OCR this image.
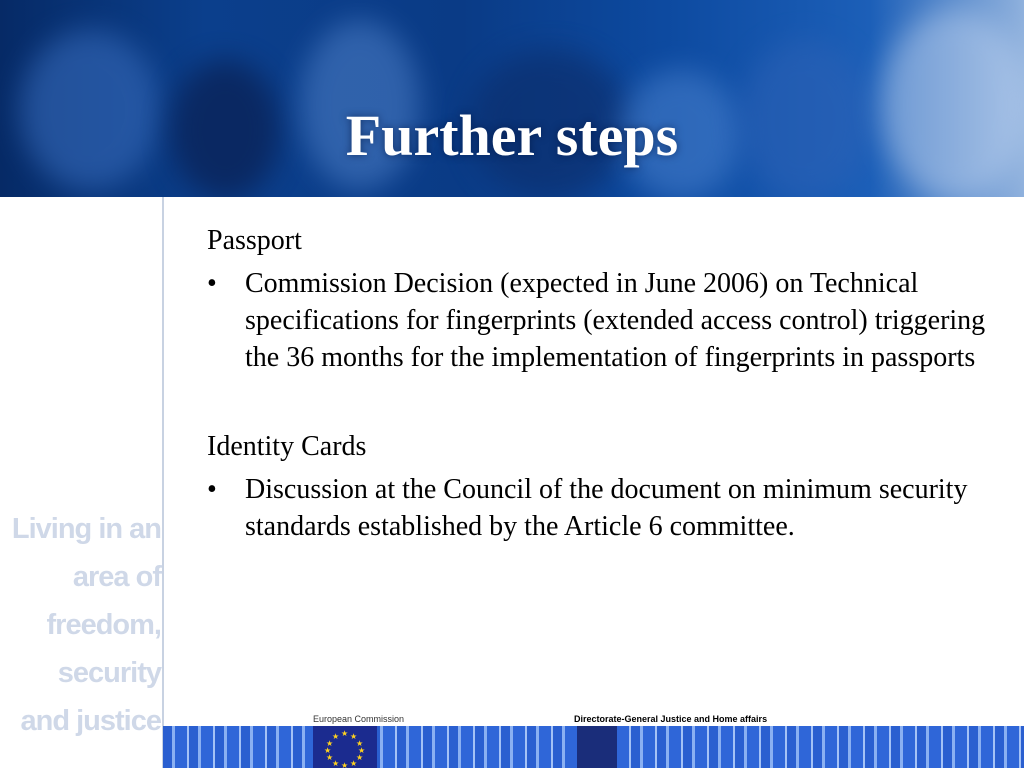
Further steps
Living in an
area of
freedom,
security
and justice
Passport
• Commission Decision (expected in June 2006) on Technical specifications for fingerprints (extended access control) triggering the 36 months for the implementation of fingerprints in passports
Identity Cards
• Discussion at the Council of the document on minimum security standards established by the Article 6 committee.
European Commission	Directorate-General Justice and Home affairs
★ ★
★
★
★
★
★
★
★
★
★
★
